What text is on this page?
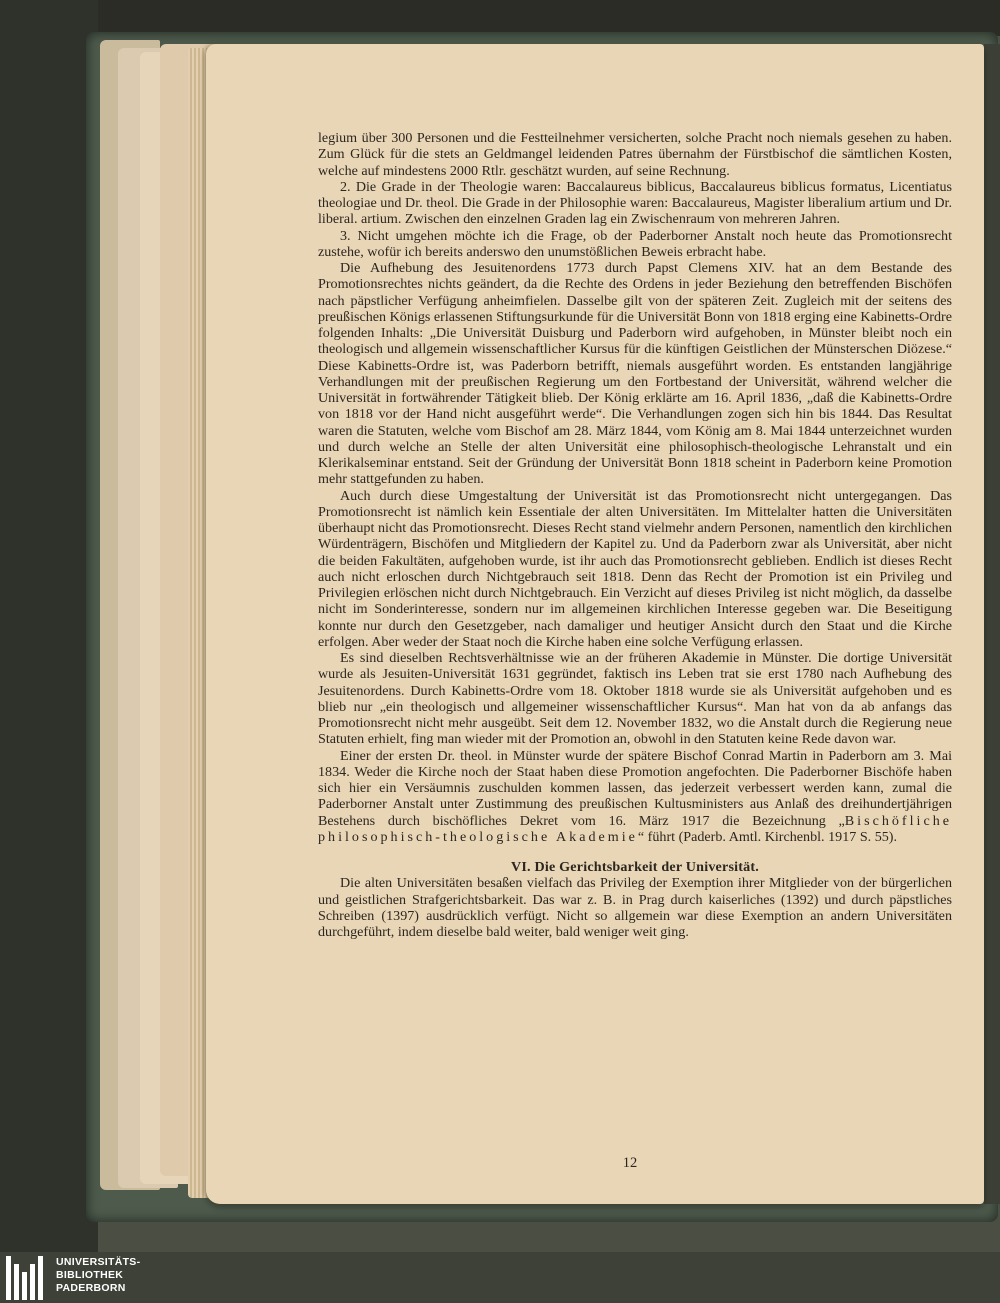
legium über 300 Personen und die Festteilnehmer versicherten, solche Pracht noch niemals gesehen zu haben. Zum Glück für die stets an Geldmangel leidenden Patres übernahm der Fürstbischof die sämtlichen Kosten, welche auf mindestens 2000 Rtlr. geschätzt wurden, auf seine Rechnung.

2. Die Grade in der Theologie waren: Baccalaureus biblicus, Baccalaureus biblicus formatus, Licentiatus theologiae und Dr. theol. Die Grade in der Philosophie waren: Baccalaureus, Magister liberalium artium und Dr. liberal. artium. Zwischen den einzelnen Graden lag ein Zwischenraum von mehreren Jahren.

3. Nicht umgehen möchte ich die Frage, ob der Paderborner Anstalt noch heute das Promotionsrecht zustehe, wofür ich bereits anderswo den unumstößlichen Beweis erbracht habe.

Die Aufhebung des Jesuitenordens 1773 durch Papst Clemens XIV. hat an dem Bestande des Promotionsrechtes nichts geändert, da die Rechte des Ordens in jeder Beziehung den betreffenden Bischöfen nach päpstlicher Verfügung anheimfielen. Dasselbe gilt von der späteren Zeit. Zugleich mit der seitens des preußischen Königs erlassenen Stiftungsurkunde für die Universität Bonn von 1818 erging eine Kabinetts-Ordre folgenden Inhalts: „Die Universität Duisburg und Paderborn wird aufgehoben, in Münster bleibt noch ein theologisch und allgemein wissenschaftlicher Kursus für die künftigen Geistlichen der Münsterschen Diözese.“ Diese Kabinetts-Ordre ist, was Paderborn betrifft, niemals ausgeführt worden. Es entstanden langjährige Verhandlungen mit der preußischen Regierung um den Fortbestand der Universität, während welcher die Universität in fortwährender Tätigkeit blieb. Der König erklärte am 16. April 1836, „daß die Kabinetts-Ordre von 1818 vor der Hand nicht ausgeführt werde“. Die Verhandlungen zogen sich hin bis 1844. Das Resultat waren die Statuten, welche vom Bischof am 28. März 1844, vom König am 8. Mai 1844 unterzeichnet wurden und durch welche an Stelle der alten Universität eine philosophisch-theologische Lehranstalt und ein Klerikalseminar entstand. Seit der Gründung der Universität Bonn 1818 scheint in Paderborn keine Promotion mehr stattgefunden zu haben.

Auch durch diese Umgestaltung der Universität ist das Promotionsrecht nicht untergegangen. Das Promotionsrecht ist nämlich kein Essentiale der alten Universitäten. Im Mittelalter hatten die Universitäten überhaupt nicht das Promotionsrecht. Dieses Recht stand vielmehr andern Personen, namentlich den kirchlichen Würdenträgern, Bischöfen und Mitgliedern der Kapitel zu. Und da Paderborn zwar als Universität, aber nicht die beiden Fakultäten, aufgehoben wurde, ist ihr auch das Promotionsrecht geblieben. Endlich ist dieses Recht auch nicht erloschen durch Nichtgebrauch seit 1818. Denn das Recht der Promotion ist ein Privileg und Privilegien erlöschen nicht durch Nichtgebrauch. Ein Verzicht auf dieses Privileg ist nicht möglich, da dasselbe nicht im Sonderinteresse, sondern nur im allgemeinen kirchlichen Interesse gegeben war. Die Beseitigung konnte nur durch den Gesetzgeber, nach damaliger und heutiger Ansicht durch den Staat und die Kirche erfolgen. Aber weder der Staat noch die Kirche haben eine solche Verfügung erlassen.

Es sind dieselben Rechtsverhältnisse wie an der früheren Akademie in Münster. Die dortige Universität wurde als Jesuiten-Universität 1631 gegründet, faktisch ins Leben trat sie erst 1780 nach Aufhebung des Jesuitenordens. Durch Kabinetts-Ordre vom 18. Oktober 1818 wurde sie als Universität aufgehoben und es blieb nur „ein theologisch und allgemeiner wissenschaftlicher Kursus“. Man hat von da ab anfangs das Promotionsrecht nicht mehr ausgeübt. Seit dem 12. November 1832, wo die Anstalt durch die Regierung neue Statuten erhielt, fing man wieder mit der Promotion an, obwohl in den Statuten keine Rede davon war.

Einer der ersten Dr. theol. in Münster wurde der spätere Bischof Conrad Martin in Paderborn am 3. Mai 1834. Weder die Kirche noch der Staat haben diese Promotion angefochten. Die Paderborner Bischöfe haben sich hier ein Versäumnis zuschulden kommen lassen, das jederzeit verbessert werden kann, zumal die Paderborner Anstalt unter Zustimmung des preußischen Kultusministers aus Anlaß des dreihundertjährigen Bestehens durch bischöfliches Dekret vom 16. März 1917 die Bezeichnung „Bischöfliche philosophisch-theologische Akademie“ führt (Paderb. Amtl. Kirchenbl. 1917 S. 55).

VI. Die Gerichtsbarkeit der Universität.

Die alten Universitäten besaßen vielfach das Privileg der Exemption ihrer Mitglieder von der bürgerlichen und geistlichen Strafgerichtsbarkeit. Das war z. B. in Prag durch kaiserliches (1392) und durch päpstliches Schreiben (1397) ausdrücklich verfügt. Nicht so allgemein war diese Exemption an andern Universitäten durchgeführt, indem dieselbe bald weiter, bald weniger weit ging.

12
UNIVERSITÄTS-
BIBLIOTHEK
PADERBORN
